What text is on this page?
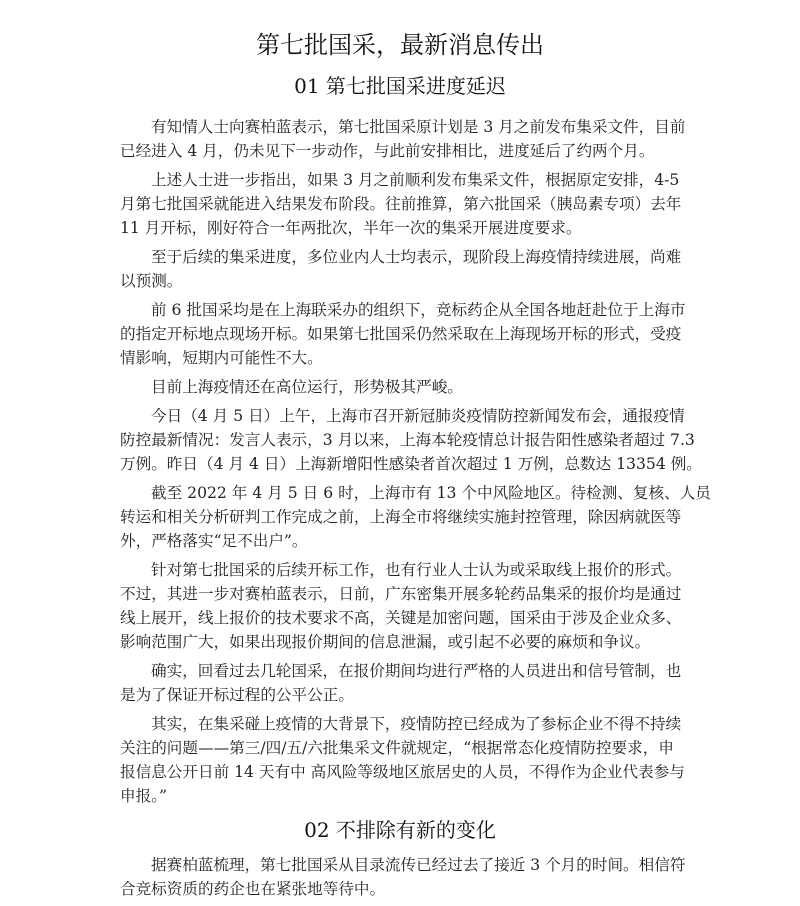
第七批国采，最新消息传出
01 第七批国采进度延迟
有知情人士向赛柏蓝表示，第七批国采原计划是 3 月之前发布集采文件，目前
已经进入 4 月，仍未见下一步动作，与此前安排相比，进度延后了约两个月。
上述人士进一步指出，如果 3 月之前顺利发布集采文件，根据原定安排，4-5
月第七批国采就能进入结果发布阶段。往前推算，第六批国采（胰岛素专项）去年
11 月开标，刚好符合一年两批次，半年一次的集采开展进度要求。
至于后续的集采进度，多位业内人士均表示，现阶段上海疫情持续进展，尚难
以预测。
前 6 批国采均是在上海联采办的组织下，竞标药企从全国各地赶赴位于上海市
的指定开标地点现场开标。如果第七批国采仍然采取在上海现场开标的形式，受疫
情影响，短期内可能性不大。
目前上海疫情还在高位运行，形势极其严峻。
今日（4 月 5 日）上午，上海市召开新冠肺炎疫情防控新闻发布会，通报疫情
防控最新情况：发言人表示，3 月以来，上海本轮疫情总计报告阳性感染者超过 7.3
万例。昨日（4 月 4 日）上海新增阳性感染者首次超过 1 万例，总数达 13354 例。
截至 2022 年 4 月 5 日 6 时，上海市有 13 个中风险地区。待检测、复核、人员
转运和相关分析研判工作完成之前，上海全市将继续实施封控管理，除因病就医等
外，严格落实“足不出户”。
针对第七批国采的后续开标工作，也有行业人士认为或采取线上报价的形式。
不过，其进一步对赛柏蓝表示，日前，广东密集开展多轮药品集采的报价均是通过
线上展开，线上报价的技术要求不高，关键是加密问题，国采由于涉及企业众多、
影响范围广大，如果出现报价期间的信息泄漏，或引起不必要的麻烦和争议。
确实，回看过去几轮国采，在报价期间均进行严格的人员进出和信号管制，也
是为了保证开标过程的公平公正。
其实，在集采碰上疫情的大背景下，疫情防控已经成为了参标企业不得不持续
关注的问题——第三/四/五/六批集采文件就规定，“根据常态化疫情防控要求，申
报信息公开日前 14 天有中 高风险等级地区旅居史的人员，不得作为企业代表参与
申报。”
02 不排除有新的变化
据赛柏蓝梳理，第七批国采从目录流传已经过去了接近 3 个月的时间。相信符
合竞标资质的药企也在紧张地等待中。
